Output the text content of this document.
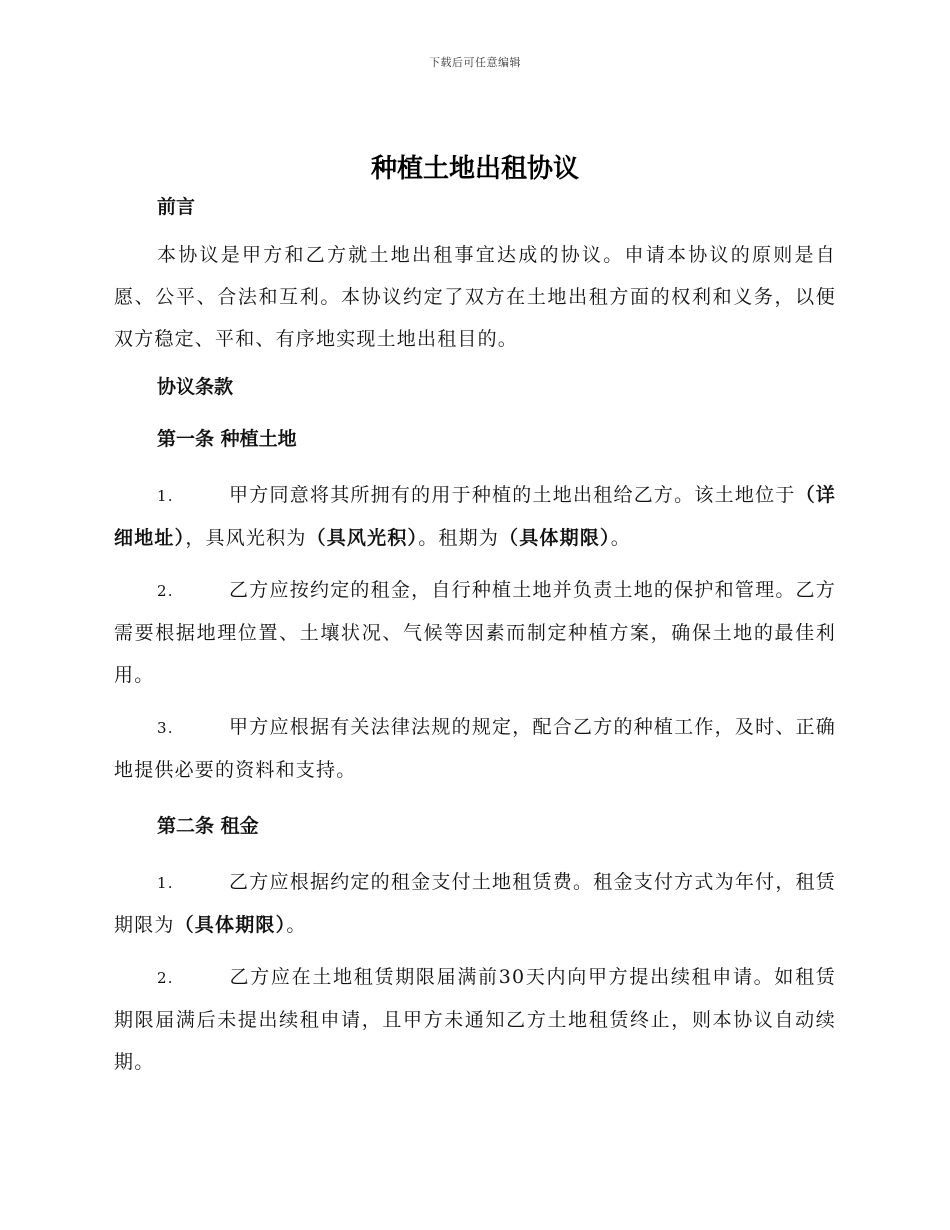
下载后可任意编辑
种植土地出租协议
前言

本协议是甲方和乙方就土地出租事宜达成的协议。申请本协议的原则是自愿、公平、合法和互利。本协议约定了双方在土地出租方面的权利和义务，以便双方稳定、平和、有序地实现土地出租目的。

协议条款
第一条 种植土地

1.	甲方同意将其所拥有的用于种植的土地出租给乙方。该土地位于（详细地址），具风光积为（具风光积）。租期为（具体期限）。

2.	乙方应按约定的租金，自行种植土地并负责土地的保护和管理。乙方需要根据地理位置、土壤状况、气候等因素而制定种植方案，确保土地的最佳利用。

3.	甲方应根据有关法律法规的规定，配合乙方的种植工作，及时、正确地提供必要的资料和支持。

第二条 租金

1.	乙方应根据约定的租金支付土地租赁费。租金支付方式为年付，租赁期限为（具体期限）。

2.	乙方应在土地租赁期限届满前30天内向甲方提出续租申请。如租赁期限届满后未提出续租申请，且甲方未通知乙方土地租赁终止，则本协议自动续期。
